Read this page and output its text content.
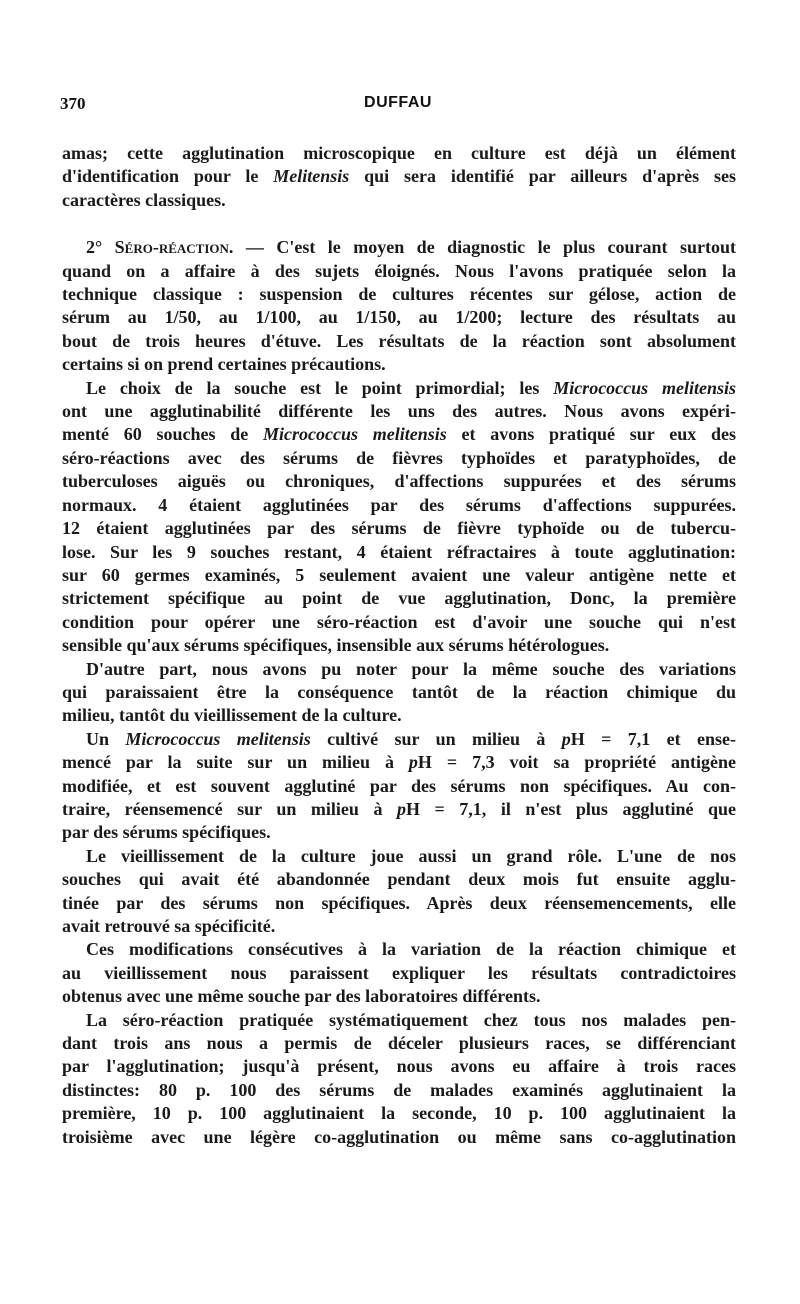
370	DUFFAU

amas; cette agglutination microscopique en culture est déjà un élément
d'identification pour le Melitensis qui sera identifié par ailleurs d'après ses
caractères classiques.

2° Séro-réaction. — C'est le moyen de diagnostic le plus courant surtout
quand on a affaire à des sujets éloignés. Nous l'avons pratiquée selon la
technique classique : suspension de cultures récentes sur gélose, action de
sérum au 1/50, au 1/100, au 1/150, au 1/200; lecture des résultats au
bout de trois heures d'étuve. Les résultats de la réaction sont absolument
certains si on prend certaines précautions.

Le choix de la souche est le point primordial; les Micrococcus melitensis
ont une agglutinabilité différente les uns des autres. Nous avons expéri-
menté 60 souches de Micrococcus melitensis et avons pratiqué sur eux des
séro-réactions avec des sérums de fièvres typhoïdes et paratyphoïdes, de
tuberculoses aiguës ou chroniques, d'affections suppurées et des sérums
normaux. 4 étaient agglutinées par des sérums d'affections suppurées.
12 étaient agglutinées par des sérums de fièvre typhoïde ou de tubercu-
lose. Sur les 9 souches restant, 4 étaient réfractaires à toute agglutination:
sur 60 germes examinés, 5 seulement avaient une valeur antigène nette et
strictement spécifique au point de vue agglutination, Donc, la première
condition pour opérer une séro-réaction est d'avoir une souche qui n'est
sensible qu'aux sérums spécifiques, insensible aux sérums hétérologues.

D'autre part, nous avons pu noter pour la même souche des variations
qui paraissaient être la conséquence tantôt de la réaction chimique du
milieu, tantôt du vieillissement de la culture.

Un Micrococcus melitensis cultivé sur un milieu à pH = 7,1 et ense-
mencé par la suite sur un milieu à pH = 7,3 voit sa propriété antigène
modifiée, et est souvent agglutiné par des sérums non spécifiques. Au con-
traire, réensemencé sur un milieu à pH = 7,1, il n'est plus agglutiné que
par des sérums spécifiques.

Le vieillissement de la culture joue aussi un grand rôle. L'une de nos
souches qui avait été abandonnée pendant deux mois fut ensuite agglu-
tinée par des sérums non spécifiques. Après deux réensemencements, elle
avait retrouvé sa spécificité.

Ces modifications consécutives à la variation de la réaction chimique et
au vieillissement nous paraissent expliquer les résultats contradictoires
obtenus avec une même souche par des laboratoires différents.

La séro-réaction pratiquée systématiquement chez tous nos malades pen-
dant trois ans nous a permis de déceler plusieurs races, se différenciant
par l'agglutination; jusqu'à présent, nous avons eu affaire à trois races
distinctes: 80 p. 100 des sérums de malades examinés agglutinaient la
première, 10 p. 100 agglutinaient la seconde, 10 p. 100 agglutinaient la
troisième avec une légère co-agglutination ou même sans co-agglutination
